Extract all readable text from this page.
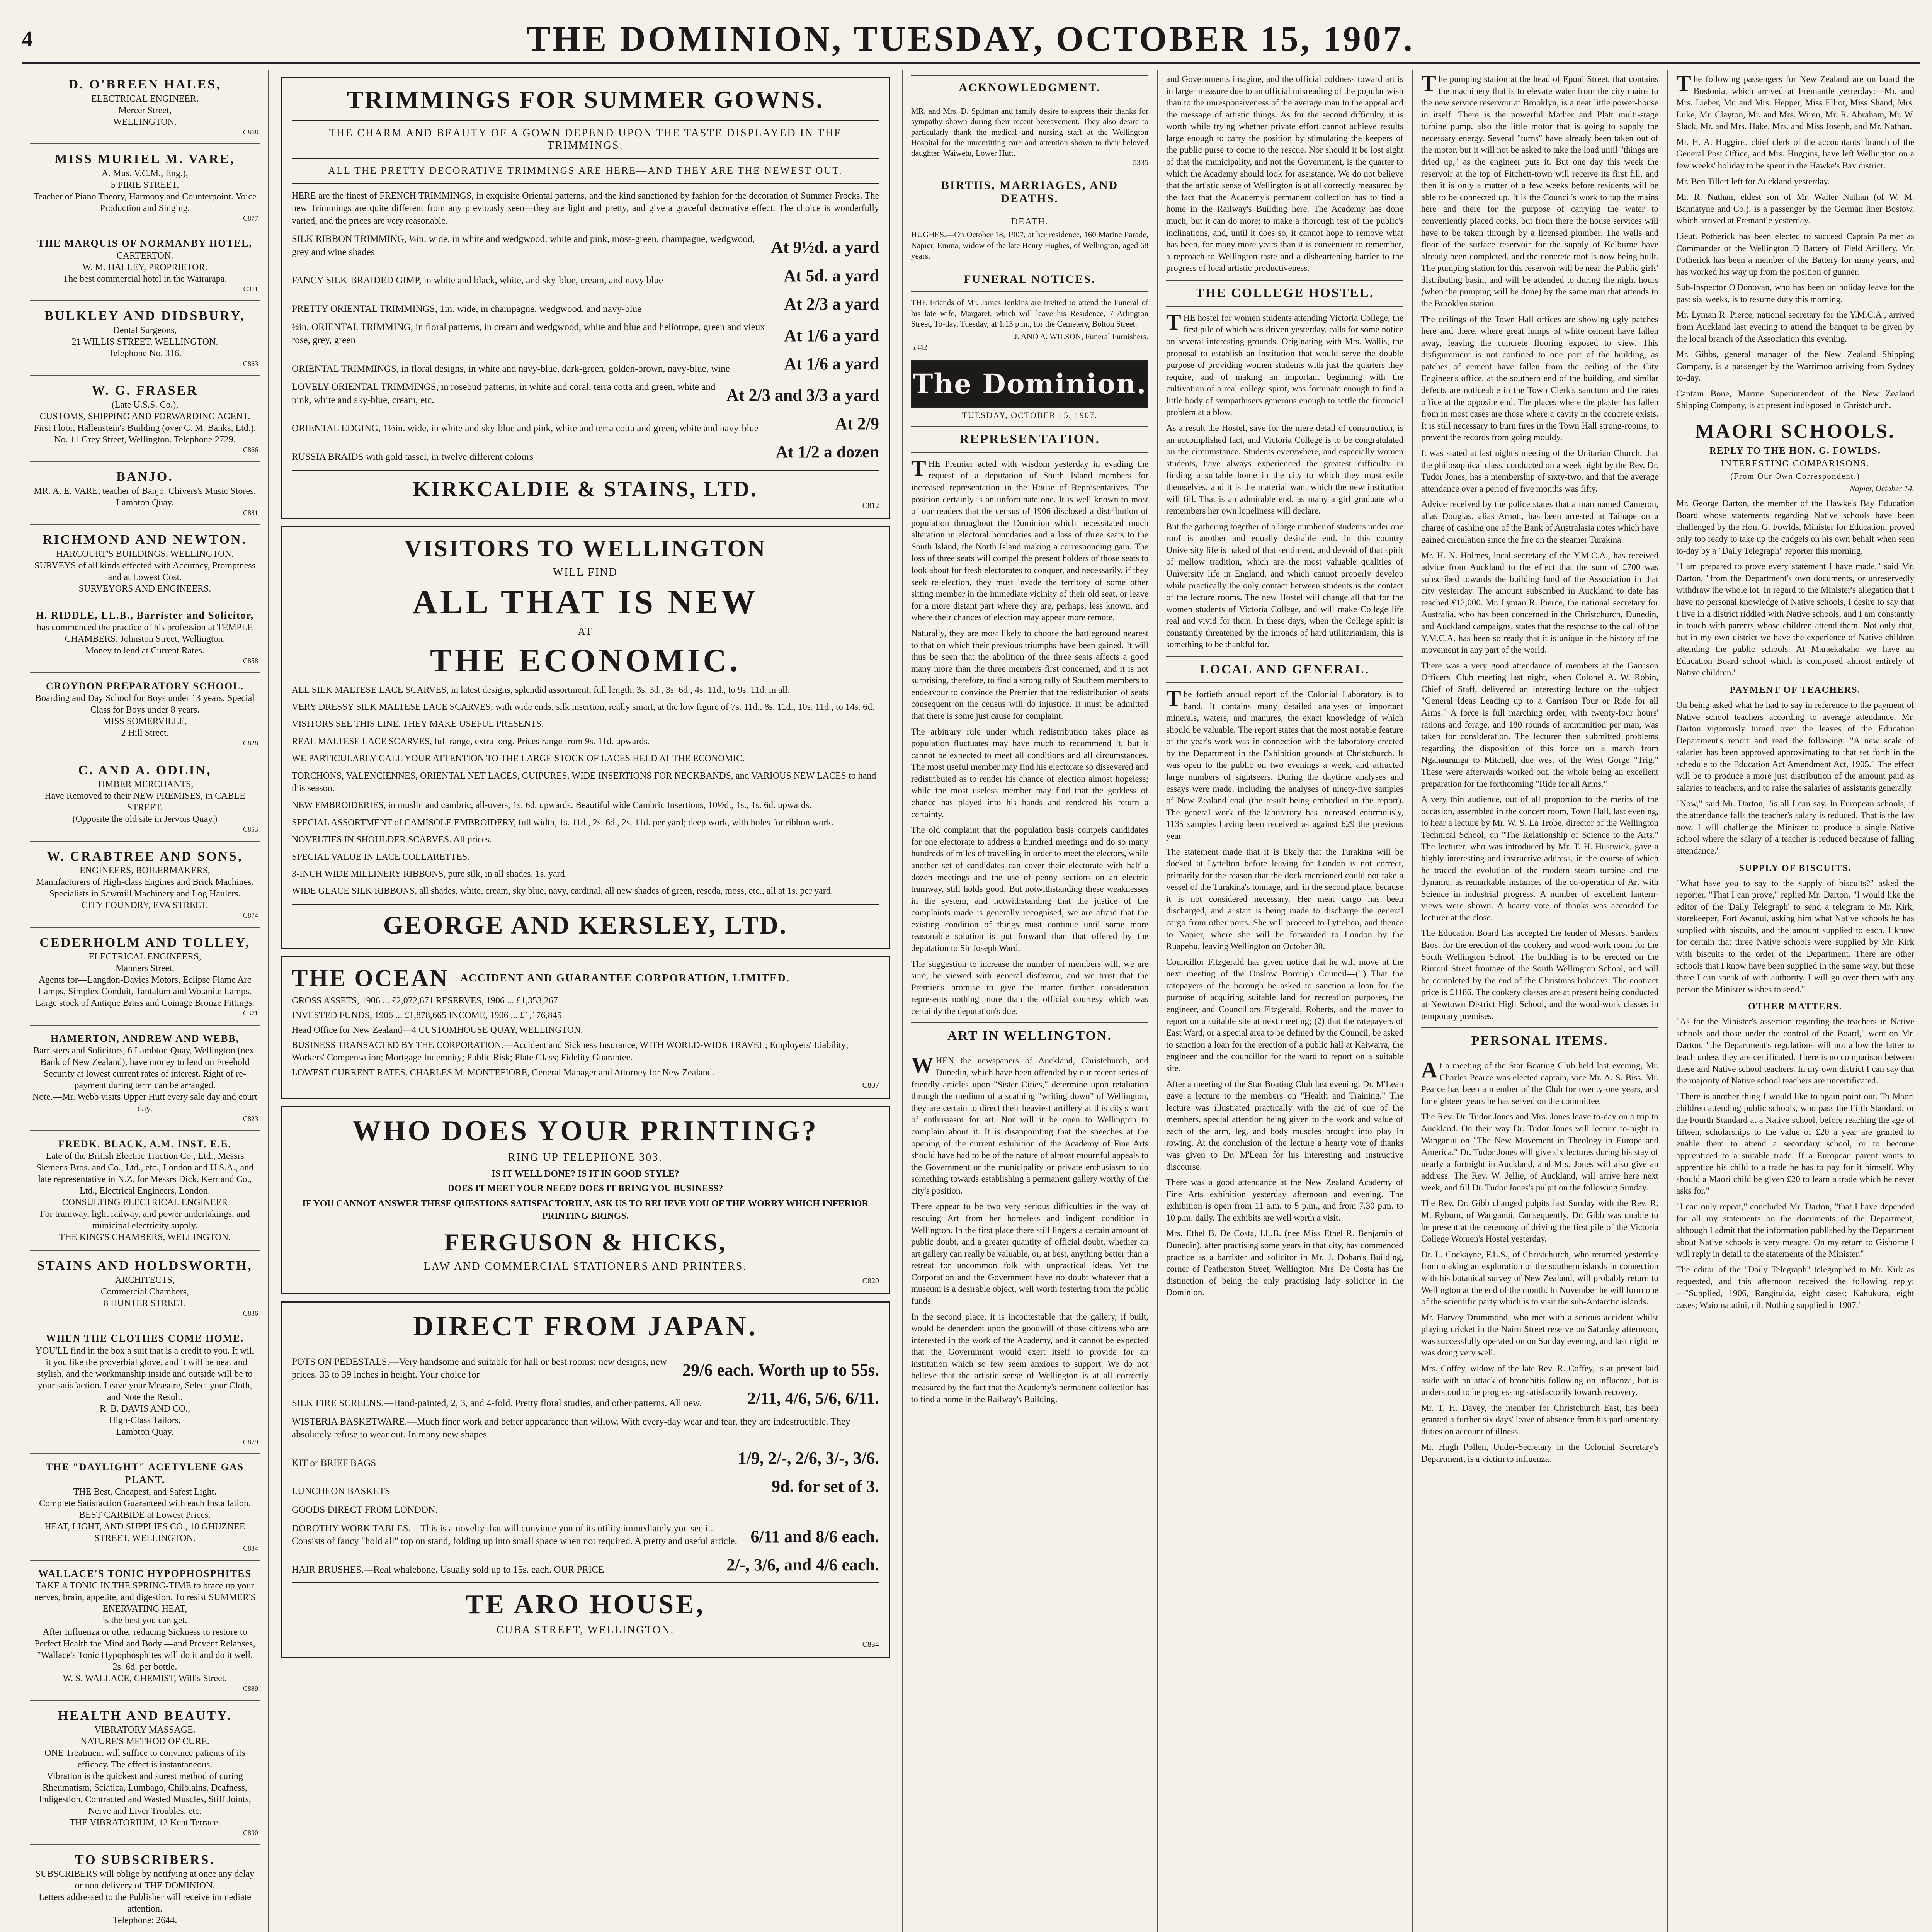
4	THE DOMINION, TUESDAY, OCTOBER 15, 1907.
D. O'BREEN HALES,
ELECTRICAL ENGINEER.
Mercer Street,
WELLINGTON.
C868
MISS MURIEL M. VARE,
A. Mus. V.C.M., Eng.),
5 PIRIE STREET,
Teacher of Piano Theory, Harmony and Counterpoint. Voice Production and Singing.
C877
THE MARQUIS OF NORMANBY HOTEL,
CARTERTON.
W. M. HALLEY, PROPRIETOR.
The best commercial hotel in the Wairarapa.
C311
BULKLEY AND DIDSBURY,
Dental Surgeons,
21 WILLIS STREET, WELLINGTON.
Telephone No. 316.
C863
W. G. FRASER
(Late U.S.S. Co.),
CUSTOMS, SHIPPING AND FORWARDING AGENT.
First Floor, Hallenstein's Building (over C. M. Banks, Ltd.), No. 11 Grey Street, Wellington. Telephone 2729.
C866
BANJO.
MR. A. E. VARE, teacher of Banjo. Chivers's Music Stores, Lambton Quay.
C881
RICHMOND AND NEWTON.
HARCOURT'S BUILDINGS, WELLINGTON.
SURVEYS of all kinds effected with Accuracy, Promptness and at Lowest Cost.
SURVEYORS AND ENGINEERS.
H. RIDDLE, LL.B., Barrister and Solicitor,
has commenced the practice of his profession at TEMPLE CHAMBERS, Johnston Street, Wellington.
Money to lend at Current Rates.
C858
CROYDON PREPARATORY SCHOOL.
Boarding and Day School for Boys under 13 years. Special Class for Boys under 8 years.
MISS SOMERVILLE,
2 Hill Street.
C828
C. AND A. ODLIN,
TIMBER MERCHANTS,
Have Removed to their NEW PREMISES, in CABLE STREET.
(Opposite the old site in Jervois Quay.)
C853
W. CRABTREE AND SONS,
ENGINEERS, BOILERMAKERS,
Manufacturers of High-class Engines and Brick Machines.
Specialists in Sawmill Machinery and Log Haulers.
CITY FOUNDRY, EVA STREET.
C874
CEDERHOLM AND TOLLEY,
ELECTRICAL ENGINEERS,
Manners Street.
Agents for—Langdon-Davies Motors, Eclipse Flame Arc Lamps, Simplex Conduit, Tantalum and Wotanite Lamps.
Large stock of Antique Brass and Coinage Bronze Fittings.
C371
HAMERTON, ANDREW AND WEBB,
Barristers and Solicitors, 6 Lambton Quay, Wellington (next Bank of New Zealand), have money to lend on Freehold Security at lowest current rates of interest. Right of re-payment during term can be arranged.
Note.—Mr. Webb visits Upper Hutt every sale day and court day.
C823
FREDK. BLACK, A.M. INST. E.E.
Late of the British Electric Traction Co., Ltd., Messrs Siemens Bros. and Co., Ltd., etc., London and U.S.A., and late representative in N.Z. for Messrs Dick, Kerr and Co., Ltd., Electrical Engineers, London.
CONSULTING ELECTRICAL ENGINEER
For tramway, light railway, and power undertakings, and municipal electricity supply.
THE KING'S CHAMBERS, WELLINGTON.
STAINS AND HOLDSWORTH,
ARCHITECTS,
Commercial Chambers,
8 HUNTER STREET.
C836
WHEN THE CLOTHES COME HOME.
YOU'LL find in the box a suit that is a credit to you. It will fit you like the proverbial glove, and it will be neat and stylish, and the workmanship inside and outside will be to your satisfaction. Leave your Measure, Select your Cloth, and Note the Result.
R. B. DAVIS AND CO.,
High-Class Tailors,
Lambton Quay.
C879
THE "DAYLIGHT" ACETYLENE GAS PLANT.
THE Best, Cheapest, and Safest Light.
Complete Satisfaction Guaranteed with each Installation.
BEST CARBIDE at Lowest Prices.
HEAT, LIGHT, AND SUPPLIES CO., 10 GHUZNEE STREET, WELLINGTON.
C834
WALLACE'S TONIC HYPOPHOSPHITES
TAKE A TONIC IN THE SPRING-TIME to brace up your nerves, brain, appetite, and digestion. To resist SUMMER'S ENERVATING HEAT,
is the best you can get.
After Influenza or other reducing Sickness to restore to Perfect Health the Mind and Body —and Prevent Relapses, "Wallace's Tonic Hypophosphites will do it and do it well. 2s. 6d. per bottle.
W. S. WALLACE, CHEMIST, Willis Street.
C889
HEALTH AND BEAUTY.
VIBRATORY MASSAGE.
NATURE'S METHOD OF CURE.
ONE Treatment will suffice to convince patients of its efficacy. The effect is instantaneous.
Vibration is the quickest and surest method of curing Rheumatism, Sciatica, Lumbago, Chilblains, Deafness, Indigestion, Contracted and Wasted Muscles, Stiff Joints, Nerve and Liver Troubles, etc.
THE VIBRATORIUM, 12 Kent Terrace.
C890
TO SUBSCRIBERS.
SUBSCRIBERS will oblige by notifying at once any delay or non-delivery of THE DOMINION.
Letters addressed to the Publisher will receive immediate attention.
Telephone: 2644.
TRIMMINGS FOR SUMMER GOWNS.
THE CHARM AND BEAUTY OF A GOWN DEPEND UPON THE TASTE DISPLAYED IN THE TRIMMINGS.
ALL THE PRETTY DECORATIVE TRIMMINGS ARE HERE—AND THEY ARE THE NEWEST OUT.
HERE are the finest of FRENCH TRIMMINGS, in exquisite Oriental patterns, and the kind sanctioned by fashion for the decoration of Summer Frocks. The new Trimmings are quite different from any previously seen—they are light and pretty, and give a graceful decorative effect. The choice is wonderfully varied, and the prices are very reasonable.
SILK RIBBON TRIMMING, ¼in. wide, in white and wedgwood, white and pink, moss-green, champagne, wedgwood, grey and wine shades	At 9½d. a yard
FANCY SILK-BRAIDED GIMP, in white and black, white, and sky-blue, cream, and navy blue	At 5d. a yard
PRETTY ORIENTAL TRIMMINGS, 1in. wide, in champagne, wedgwood, and navy-blue	At 2/3 a yard
½in. ORIENTAL TRIMMING, in floral patterns, in cream and wedgwood, white and blue and heliotrope, green and vieux rose, grey, green	At 1/6 a yard
ORIENTAL TRIMMINGS, in floral designs, in white and navy-blue, dark-green, golden-brown, navy-blue, wine	At 1/6 a yard
LOVELY ORIENTAL TRIMMINGS, in rosebud patterns, in white and coral, terra cotta and green, white and pink, white and sky-blue, cream, etc.	At 2/3 and 3/3 a yard
ORIENTAL EDGING, 1½in. wide, in white and sky-blue and pink, white and terra cotta and green, white and navy-blue	At 2/9
RUSSIA BRAIDS with gold tassel, in twelve different colours	At 1/2 a dozen
KIRKCALDIE & STAINS, LTD.
C812
VISITORS TO WELLINGTON
WILL FIND
ALL THAT IS NEW
AT
THE ECONOMIC.
ALL SILK MALTESE LACE SCARVES, in latest designs, splendid assortment, full length, 3s. 3d., 3s. 6d., 4s. 11d., to 9s. 11d. in all.
VERY DRESSY SILK MALTESE LACE SCARVES, with wide ends, silk insertion, really smart, at the low figure of 7s. 11d., 8s. 11d., 10s. 11d., to 14s. 6d.
VISITORS SEE THIS LINE. THEY MAKE USEFUL PRESENTS.
REAL MALTESE LACE SCARVES, full range, extra long. Prices range from 9s. 11d. upwards.
WE PARTICULARLY CALL YOUR ATTENTION TO THE LARGE STOCK OF LACES HELD AT THE ECONOMIC.
TORCHONS, VALENCIENNES, ORIENTAL NET LACES, GUIPURES, WIDE INSERTIONS FOR NECKBANDS, and VARIOUS NEW LACES to hand this season.
NEW EMBROIDERIES, in muslin and cambric, all-overs, 1s. 6d. upwards. Beautiful wide Cambric Insertions, 10½d., 1s., 1s. 6d. upwards.
SPECIAL ASSORTMENT of CAMISOLE EMBROIDERY, full width, 1s. 11d., 2s. 6d., 2s. 11d. per yard; deep work, with holes for ribbon work.
NOVELTIES IN SHOULDER SCARVES. All prices.
SPECIAL VALUE IN LACE COLLARETTES.
3-INCH WIDE MILLINERY RIBBONS, pure silk, in all shades, 1s. yard.
WIDE GLACE SILK RIBBONS, all shades, white, cream, sky blue, navy, cardinal, all new shades of green, reseda, moss, etc., all at 1s. per yard.
GEORGE AND KERSLEY, LTD.
THE OCEAN ACCIDENT AND GUARANTEE CORPORATION, LIMITED.
GROSS ASSETS, 1906 ... £2,072,671 RESERVES, 1906 ... £1,353,267
INVESTED FUNDS, 1906 ... £1,878,665 INCOME, 1906 ... £1,176,845
Head Office for New Zealand—4 CUSTOMHOUSE QUAY, WELLINGTON.
BUSINESS TRANSACTED BY THE CORPORATION.—Accident and Sickness Insurance, WITH WORLD-WIDE TRAVEL; Employers' Liability; Workers' Compensation; Mortgage Indemnity; Public Risk; Plate Glass; Fidelity Guarantee.
LOWEST CURRENT RATES. CHARLES M. MONTEFIORE, General Manager and Attorney for New Zealand.
C807
WHO DOES YOUR PRINTING?
RING UP TELEPHONE 303.
IS IT WELL DONE? IS IT IN GOOD STYLE?
DOES IT MEET YOUR NEED? DOES IT BRING YOU BUSINESS?
IF YOU CANNOT ANSWER THESE QUESTIONS SATISFACTORILY, ASK US TO RELIEVE YOU OF THE WORRY WHICH INFERIOR PRINTING BRINGS.
FERGUSON & HICKS,
LAW AND COMMERCIAL STATIONERS AND PRINTERS.
C820
DIRECT FROM JAPAN.
POTS ON PEDESTALS.—Very handsome and suitable for hall or best rooms; new designs, new prices. 33 to 39 inches in height. Your choice for	29/6 each. Worth up to 55s.
SILK FIRE SCREENS.—Hand-painted, 2, 3, and 4-fold. Pretty floral studies, and other patterns. All new.	2/11, 4/6, 5/6, 6/11.
WISTERIA BASKETWARE.—Much finer work and better appearance than willow. With every-day wear and tear, they are indestructible. They absolutely refuse to wear out. In many new shapes.
KIT or BRIEF BAGS	1/9, 2/-, 2/6, 3/-, 3/6.
LUNCHEON BASKETS	9d. for set of 3.
GOODS DIRECT FROM LONDON.
DOROTHY WORK TABLES.—This is a novelty that will convince you of its utility immediately you see it. Consists of fancy "hold all" top on stand, folding up into small space when not required. A pretty and useful article. 6/11 and 8/6 each.
HAIR BRUSHES.—Real whalebone. Usually sold up to 15s. each. OUR PRICE	2/-, 3/6, and 4/6 each.
TE ARO HOUSE,
CUBA STREET, WELLINGTON.
C834
ACKNOWLEDGMENT.
MR. and Mrs. D. Spilman and family desire to express their thanks for sympathy shown during their recent bereavement. They also desire to particularly thank the medical and nursing staff at the Wellington Hospital for the unremitting care and attention shown to their beloved daughter. Waiwetu, Lower Hutt.
5335
BIRTHS, MARRIAGES, AND DEATHS.
DEATH.
HUGHES.—On October 18, 1907, at her residence, 160 Marine Parade, Napier, Emma, widow of the late Henry Hughes, of Wellington, aged 68 years.
FUNERAL NOTICES.
THE Friends of Mr. James Jenkins are invited to attend the Funeral of his late wife, Margaret, which will leave his Residence, 7 Arlington Street, To-day, Tuesday, at 1.15 p.m., for the Cemetery, Bolton Street.
J. AND A. WILSON, Funeral Furnishers.
5342
The Dominion.
TUESDAY, OCTOBER 15, 1907.
REPRESENTATION.

THE Premier acted with wisdom yesterday in evading the request of a deputation of South Island members for increased representation in the House of Representatives. The position certainly is an unfortunate one. It is well known to most of our readers that the census of 1906 disclosed a distribution of population throughout the Dominion which necessitated much alteration in electoral boundaries and a loss of three seats to the South Island, the North Island making a corresponding gain. The loss of three seats will compel the present holders of those seats to look about for fresh electorates to conquer, and necessarily, if they seek re-election, they must invade the territory of some other sitting member in the immediate vicinity of their old seat, or leave for a more distant part where they are, perhaps, less known, and where their chances of election may appear more remote.

Naturally, they are most likely to choose the battleground nearest to that on which their previous triumphs have been gained. It will thus be seen that the abolition of the three seats affects a good many more than the three members first concerned, and it is not surprising, therefore, to find a strong rally of Southern members to endeavour to convince the Premier that the redistribution of seats consequent on the census will do injustice. It must be admitted that there is some just cause for complaint.

The arbitrary rule under which redistribution takes place as population fluctuates may have much to recommend it, but it cannot be expected to meet all conditions and all circumstances. The most useful member may find his electorate so dissevered and redistributed as to render his chance of election almost hopeless; while the most useless member may find that the goddess of chance has played into his hands and rendered his return a certainty.

The old complaint that the population basis compels candidates for one electorate to address a hundred meetings and do so many hundreds of miles of travelling in order to meet the electors, while another set of candidates can cover their electorate with half a dozen meetings and the use of penny sections on an electric tramway, still holds good. But notwithstanding these weaknesses in the system, and notwithstanding that the justice of the complaints made is generally recognised, we are afraid that the existing condition of things must continue until some more reasonable solution is put forward than that offered by the deputation to Sir Joseph Ward.

The suggestion to increase the number of members will, we are sure, be viewed with general disfavour, and we trust that the Premier's promise to give the matter further consideration represents nothing more than the official courtesy which was certainly the deputation's due.

ART IN WELLINGTON.

WHEN the newspapers of Auckland, Christchurch, and Dunedin, which have been offended by our recent series of friendly articles upon "Sister Cities," determine upon retaliation through the medium of a scathing "writing down" of Wellington, they are certain to direct their heaviest artillery at this city's want of enthusiasm for art. Nor will it be open to Wellington to complain about it. It is disappointing that the speeches at the opening of the current exhibition of the Academy of Fine Arts should have had to be of the nature of almost mournful appeals to the Government or the municipality or private enthusiasm to do something towards establishing a permanent gallery worthy of the city's position.

There appear to be two very serious difficulties in the way of rescuing Art from her homeless and indigent condition in Wellington. In the first place there still lingers a certain amount of public doubt, and a greater quantity of official doubt, whether an art gallery can really be valuable, or, at best, anything better than a retreat for uncommon folk with unpractical ideas. Yet the Corporation and the Government have no doubt whatever that a museum is a desirable object, well worth fostering from the public funds.

In the second place, it is incontestable that the gallery, if built, would be dependent upon the goodwill of those citizens who are interested in the work of the Academy, and it cannot be expected that the Government would exert itself to provide for an institution which so few seem anxious to support. We do not believe that the artistic sense of Wellington is at all correctly measured by the fact that the Academy's permanent collection has to find a home in the Railway's Building.

and Governments imagine, and the official coldness toward art is in larger measure due to an official misreading of the popular wish than to the unresponsiveness of the average man to the appeal and the message of artistic things. As for the second difficulty, it is worth while trying whether private effort cannot achieve results large enough to carry the position by stimulating the keepers of the public purse to come to the rescue. Nor should it be lost sight of that the municipality, and not the Government, is the quarter to which the Academy should look for assistance. We do not believe that the artistic sense of Wellington is at all correctly measured by the fact that the Academy's permanent collection has to find a home in the Railway's Building here. The Academy has done much, but it can do more; to make a thorough test of the public's inclinations, and, until it does so, it cannot hope to remove what has been, for many more years than it is convenient to remember, a reproach to Wellington taste and a disheartening barrier to the progress of local artistic productiveness.
THE COLLEGE HOSTEL.

THE hostel for women students attending Victoria College, the first pile of which was driven yesterday, calls for some notice on several interesting grounds. Originating with Mrs. Wallis, the proposal to establish an institution that would serve the double purpose of providing women students with just the quarters they require, and of making an important beginning with the cultivation of a real college spirit, was fortunate enough to find a little body of sympathisers generous enough to settle the financial problem at a blow.

As a result the Hostel, save for the mere detail of construction, is an accomplished fact, and Victoria College is to be congratulated on the circumstance. Students everywhere, and especially women students, have always experienced the greatest difficulty in finding a suitable home in the city to which they must exile themselves, and it is the material want which the new institution will fill. That is an admirable end, as many a girl graduate who remembers her own loneliness will declare.

But the gathering together of a large number of students under one roof is another and equally desirable end. In this country University life is naked of that sentiment, and devoid of that spirit of mellow tradition, which are the most valuable qualities of University life in England, and which cannot properly develop while practically the only contact between students is the contact of the lecture rooms. The new Hostel will change all that for the women students of Victoria College, and will make College life real and vivid for them. In these days, when the College spirit is constantly threatened by the inroads of hard utilitarianism, this is something to be thankful for.

LOCAL AND GENERAL.

The fortieth annual report of the Colonial Laboratory is to hand. It contains many detailed analyses of important minerals, waters, and manures, the exact knowledge of which should be valuable. The report states that the most notable feature of the year's work was in connection with the laboratory erected by the Department in the Exhibition grounds at Christchurch. It was open to the public on two evenings a week, and attracted large numbers of sightseers. During the daytime analyses and essays were made, including the analyses of ninety-five samples of New Zealand coal (the result being embodied in the report). The general work of the laboratory has increased enormously, 1135 samples having been received as against 629 the previous year.

The statement made that it is likely that the Turakina will be docked at Lyttelton before leaving for London is not correct, primarily for the reason that the dock mentioned could not take a vessel of the Turakina's tonnage, and, in the second place, because it is not considered necessary. Her meat cargo has been discharged, and a start is being made to discharge the general cargo from other ports. She will proceed to Lyttelton, and thence to Napier, where she will be forwarded to London by the Ruapehu, leaving Wellington on October 30.

Councillor Fitzgerald has given notice that he will move at the next meeting of the Onslow Borough Council—(1) That the ratepayers of the borough be asked to sanction a loan for the purpose of acquiring suitable land for recreation purposes, the engineer, and Councillors Fitzgerald, Roberts, and the mover to report on a suitable site at next meeting; (2) that the ratepayers of East Ward, or a special area to be defined by the Council, be asked to sanction a loan for the erection of a public hall at Kaiwarra, the engineer and the councillor for the ward to report on a suitable site.

After a meeting of the Star Boating Club last evening, Dr. M'Lean gave a lecture to the members on "Health and Training." The lecture was illustrated practically with the aid of one of the members, special attention being given to the work and value of each of the arm, leg, and body muscles brought into play in rowing. At the conclusion of the lecture a hearty vote of thanks was given to Dr. M'Lean for his interesting and instructive discourse.

There was a good attendance at the New Zealand Academy of Fine Arts exhibition yesterday afternoon and evening. The exhibition is open from 11 a.m. to 5 p.m., and from 7.30 p.m. to 10 p.m. daily. The exhibits are well worth a visit.

Mrs. Ethel B. De Costa, LL.B. (nee Miss Ethel R. Benjamin of Dunedin), after practising some years in that city, has commenced practice as a barrister and solicitor in Mr. J. Dohan's Building, corner of Featherston Street, Wellington. Mrs. De Costa has the distinction of being the only practising lady solicitor in the Dominion.

The pumping station at the head of Epuni Street, that contains the machinery that is to elevate water from the city mains to the new service reservoir at Brooklyn, is a neat little power-house in itself. There is the powerful Mather and Platt multi-stage turbine pump, also the little motor that is going to supply the necessary energy. Several "turns" have already been taken out of the motor, but it will not be asked to take the load until "things are dried up," as the engineer puts it. But one day this week the reservoir at the top of Fitchett-town will receive its first fill, and then it is only a matter of a few weeks before residents will be able to be connected up. It is the Council's work to tap the mains here and there for the purpose of carrying the water to conveniently placed cocks, but from there the house services will have to be taken through by a licensed plumber. The walls and floor of the surface reservoir for the supply of Kelburne have already been completed, and the concrete roof is now being built. The pumping station for this reservoir will be near the Public girls' distributing basin, and will be attended to during the night hours (when the pumping will be done) by the same man that attends to the Brooklyn station.

The ceilings of the Town Hall offices are showing ugly patches here and there, where great lumps of white cement have fallen away, leaving the concrete flooring exposed to view. This disfigurement is not confined to one part of the building, as patches of cement have fallen from the ceiling of the City Engineer's office, at the southern end of the building, and similar defects are noticeable in the Town Clerk's sanctum and the rates office at the opposite end. The places where the plaster has fallen from in most cases are those where a cavity in the concrete exists. It is still necessary to burn fires in the Town Hall strong-rooms, to prevent the records from going mouldy.

It was stated at last night's meeting of the Unitarian Church, that the philosophical class, conducted on a week night by the Rev. Dr. Tudor Jones, has a membership of sixty-two, and that the average attendance over a period of five months was fifty.

Advice received by the police states that a man named Cameron, alias Douglas, alias Arnott, has been arrested at Taihape on a charge of cashing one of the Bank of Australasia notes which have gained circulation since the fire on the steamer Turakina.

Mr. H. N. Holmes, local secretary of the Y.M.C.A., has received advice from Auckland to the effect that the sum of £700 was subscribed towards the building fund of the Association in that city yesterday. The amount subscribed in Auckland to date has reached £12,000. Mr. Lyman R. Pierce, the national secretary for Australia, who has been concerned in the Christchurch, Dunedin, and Auckland campaigns, states that the response to the call of the Y.M.C.A. has been so ready that it is unique in the history of the movement in any part of the world.

There was a very good attendance of members at the Garrison Officers' Club meeting last night, when Colonel A. W. Robin, Chief of Staff, delivered an interesting lecture on the subject "General Ideas Leading up to a Garrison Tour or Ride for all Arms." A force is full marching order, with twenty-four hours' rations and forage, and 180 rounds of ammunition per man, was taken for consideration. The lecturer then submitted problems regarding the disposition of this force on a march from Ngahauranga to Mitchell, due west of the West Gorge "Trig." These were afterwards worked out, the whole being an excellent preparation for the forthcoming "Ride for all Arms."

A very thin audience, out of all proportion to the merits of the occasion, assembled in the concert room, Town Hall, last evening, to hear a lecture by Mr. W. S. La Trobe, director of the Wellington Technical School, on "The Relationship of Science to the Arts." The lecturer, who was introduced by Mr. T. H. Hustwick, gave a highly interesting and instructive address, in the course of which he traced the evolution of the modern steam turbine and the dynamo, as remarkable instances of the co-operation of Art with Science in industrial progress. A number of excellent lantern-views were shown. A hearty vote of thanks was accorded the lecturer at the close.

The Education Board has accepted the tender of Messrs. Sanders Bros. for the erection of the cookery and wood-work room for the South Wellington School. The building is to be erected on the Rintoul Street frontage of the South Wellington School, and will be completed by the end of the Christmas holidays. The contract price is £1186. The cookery classes are at present being conducted at Newtown District High School, and the wood-work classes in temporary premises.

PERSONAL ITEMS.

At a meeting of the Star Boating Club held last evening, Mr. Charles Pearce was elected captain, vice Mr. A. S. Biss. Mr. Pearce has been a member of the Club for twenty-one years, and for eighteen years he has served on the committee.

The Rev. Dr. Tudor Jones and Mrs. Jones leave to-day on a trip to Auckland. On their way Dr. Tudor Jones will lecture to-night in Wanganui on "The New Movement in Theology in Europe and America." Dr. Tudor Jones will give six lectures during his stay of nearly a fortnight in Auckland, and Mrs. Jones will also give an address. The Rev. W. Jellie, of Auckland, will arrive here next week, and fill Dr. Tudor Jones's pulpit on the following Sunday.

The Rev. Dr. Gibb changed pulpits last Sunday with the Rev. R. M. Ryburn, of Wanganui. Consequently, Dr. Gibb was unable to be present at the ceremony of driving the first pile of the Victoria College Women's Hostel yesterday.

Dr. L. Cockayne, F.L.S., of Christchurch, who returned yesterday from making an exploration of the southern islands in connection with his botanical survey of New Zealand, will probably return to Wellington at the end of the month. In November he will form one of the scientific party which is to visit the sub-Antarctic islands.

Mr. Harvey Drummond, who met with a serious accident whilst playing cricket in the Nairn Street reserve on Saturday afternoon, was successfully operated on on Sunday evening, and last night he was doing very well.

Mrs. Coffey, widow of the late Rev. R. Coffey, is at present laid aside with an attack of bronchitis following on influenza, but is understood to be progressing satisfactorily towards recovery.

Mr. T. H. Davey, the member for Christchurch East, has been granted a further six days' leave of absence from his parliamentary duties on account of illness.

Mr. Hugh Pollen, Under-Secretary in the Colonial Secretary's Department, is a victim to influenza.

The following passengers for New Zealand are on board the Bostonia, which arrived at Fremantle yesterday:—Mr. and Mrs. Lieber, Mr. and Mrs. Hepper, Miss Elliot, Miss Shand, Mrs. Luke, Mr. Clayton, Mr. and Mrs. Wiren, Mr. R. Abraham, Mr. W. Slack, Mr. and Mrs. Hake, Mrs. and Miss Joseph, and Mr. Nathan.

Mr. H. A. Huggins, chief clerk of the accountants' branch of the General Post Office, and Mrs. Huggins, have left Wellington on a few weeks' holiday to be spent in the Hawke's Bay district.

Mr. Ben Tillett left for Auckland yesterday.

Mr. R. Nathan, eldest son of Mr. Walter Nathan (of W. M. Bannatyne and Co.), is a passenger by the German liner Bostow, which arrived at Fremantle yesterday.

Lieut. Potherick has been elected to succeed Captain Palmer as Commander of the Wellington D Battery of Field Artillery. Mr. Potherick has been a member of the Battery for many years, and has worked his way up from the position of gunner.

Sub-Inspector O'Donovan, who has been on holiday leave for the past six weeks, is to resume duty this morning.

Mr. Lyman R. Pierce, national secretary for the Y.M.C.A., arrived from Auckland last evening to attend the banquet to be given by the local branch of the Association this evening.

Mr. Gibbs, general manager of the New Zealand Shipping Company, is a passenger by the Warrimoo arriving from Sydney to-day.

Captain Bone, Marine Superintendent of the New Zealand Shipping Company, is at present indisposed in Christchurch.

MAORI SCHOOLS.
REPLY TO THE HON. G. FOWLDS.
INTERESTING COMPARISONS.
(From Our Own Correspondent.)
Napier, October 14.

Mr. George Darton, the member of the Hawke's Bay Education Board whose statements regarding Native schools have been challenged by the Hon. G. Fowlds, Minister for Education, proved only too ready to take up the cudgels on his own behalf when seen to-day by a "Daily Telegraph" reporter this morning.

"I am prepared to prove every statement I have made," said Mr. Darton, "from the Department's own documents, or unreservedly withdraw the whole lot. In regard to the Minister's allegation that I have no personal knowledge of Native schools, I desire to say that I live in a district riddled with Native schools, and I am constantly in touch with parents whose children attend them. Not only that, but in my own district we have the experience of Native children attending the public schools. At Maraekakaho we have an Education Board school which is composed almost entirely of Native children."

PAYMENT OF TEACHERS.

On being asked what he had to say in reference to the payment of Native school teachers according to average attendance, Mr. Darton vigorously turned over the leaves of the Education Department's report and read the following: "A new scale of salaries has been approved approximating to that set forth in the schedule to the Education Act Amendment Act, 1905." The effect will be to produce a more just distribution of the amount paid as salaries to teachers, and to raise the salaries of assistants generally.

"Now," said Mr. Darton, "is all I can say. In European schools, if the attendance falls the teacher's salary is reduced. That is the law now. I will challenge the Minister to produce a single Native school where the salary of a teacher is reduced because of falling attendance."

SUPPLY OF BISCUITS.

"What have you to say to the supply of biscuits?" asked the reporter. "That I can prove," replied Mr. Darton. "I would like the editor of the 'Daily Telegraph' to send a telegram to Mr. Kirk, storekeeper, Port Awanui, asking him what Native schools he has supplied with biscuits, and the amount supplied to each. I know for certain that three Native schools were supplied by Mr. Kirk with biscuits to the order of the Department. There are other schools that I know have been supplied in the same way, but those three I can speak of with authority. I will go over them with any person the Minister wishes to send."

OTHER MATTERS.

"As for the Minister's assertion regarding the teachers in Native schools and those under the control of the Board," went on Mr. Darton, "the Department's regulations will not allow the latter to teach unless they are certificated. There is no comparison between these and Native school teachers. In my own district I can say that the majority of Native school teachers are uncertificated.

"There is another thing I would like to again point out. To Maori children attending public schools, who pass the Fifth Standard, or the Fourth Standard at a Native school, before reaching the age of fifteen, scholarships to the value of £20 a year are granted to enable them to attend a secondary school, or to become apprenticed to a suitable trade. If a European parent wants to apprentice his child to a trade he has to pay for it himself. Why should a Maori child be given £20 to learn a trade which he never asks for."

"I can only repeat," concluded Mr. Darton, "that I have depended for all my statements on the documents of the Department, although I admit that the information published by the Department about Native schools is very meagre. On my return to Gisborne I will reply in detail to the statements of the Minister."

The editor of the "Daily Telegraph" telegraphed to Mr. Kirk as requested, and this afternoon received the following reply:—"Supplied, 1906, Rangitukia, eight cases; Kahukura, eight cases; Waiomatatini, nil. Nothing supplied in 1907."
